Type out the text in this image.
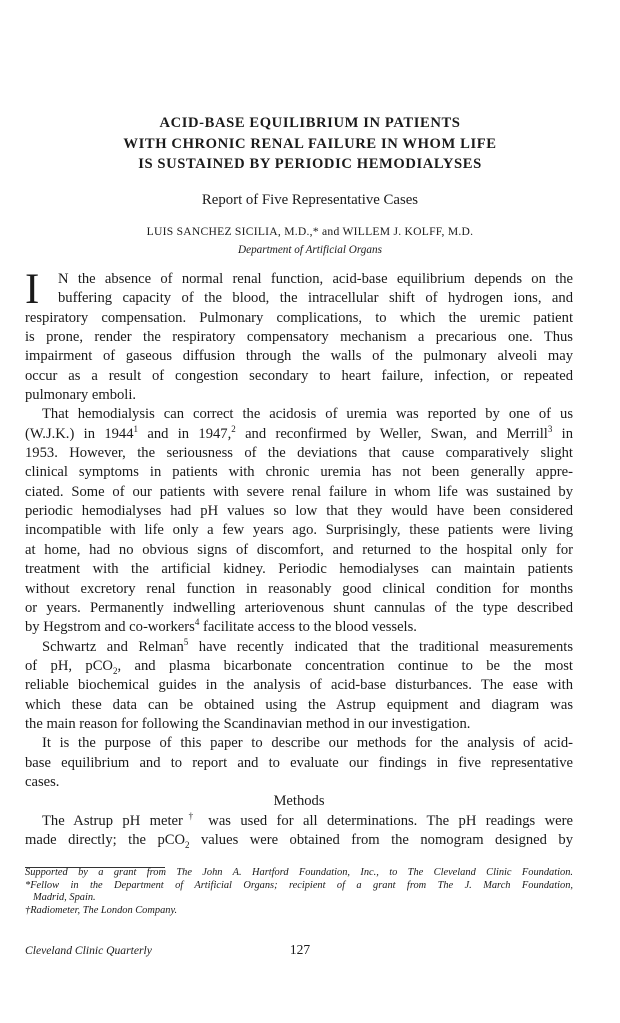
ACID-BASE EQUILIBRIUM IN PATIENTS
WITH CHRONIC RENAL FAILURE IN WHOM LIFE
IS SUSTAINED BY PERIODIC HEMODIALYSES
Report of Five Representative Cases
LUIS SANCHEZ SICILIA, M.D.,* and WILLEM J. KOLFF, M.D.
Department of Artificial Organs
I	N the absence of normal renal function, acid-base equilibrium depends on the
buffering capacity of the blood, the intracellular shift of hydrogen ions, and
respiratory compensation. Pulmonary complications, to which the uremic patient
is prone, render the respiratory compensatory mechanism a precarious one. Thus
impairment of gaseous diffusion through the walls of the pulmonary alveoli may
occur as a result of congestion secondary to heart failure, infection, or repeated
pulmonary emboli.
That hemodialysis can correct the acidosis of uremia was reported by one of us
(W.J.K.) in 1944$^1$ and in 1947,$^2$ and reconfirmed by Weller, Swan, and Merrill$^3$ in
1953. However, the seriousness of the deviations that cause comparatively slight
clinical symptoms in patients with chronic uremia has not been generally appre-
ciated. Some of our patients with severe renal failure in whom life was sustained by
periodic hemodialyses had pH values so low that they would have been considered
incompatible with life only a few years ago. Surprisingly, these patients were living
at home, had no obvious signs of discomfort, and returned to the hospital only for
treatment with the artificial kidney. Periodic hemodialyses can maintain patients
without excretory renal function in reasonably good clinical condition for months
or years. Permanently indwelling arteriovenous shunt cannulas of the type described
by Hegstrom and co-workers$^4$ facilitate access to the blood vessels.
Schwartz and Relman$^5$ have recently indicated that the traditional measurements
of pH, pCO$_2$, and plasma bicarbonate concentration continue to be the most
reliable biochemical guides in the analysis of acid-base disturbances. The ease with
which these data can be obtained using the Astrup equipment and diagram was
the main reason for following the Scandinavian method in our investigation.
It is the purpose of this paper to describe our methods for the analysis of acid-
base equilibrium and to report and to evaluate our findings in five representative
cases.
Methods
The Astrup pH meter† was used for all determinations. The pH readings were
made directly; the pCO$_2$ values were obtained from the nomogram designed by
Supported by a grant from The John A. Hartford Foundation, Inc., to The Cleveland Clinic Foundation.
*Fellow in the Department of Artificial Organs; recipient of a grant from The J. March Foundation,
Madrid, Spain.
†Radiometer, The London Company.
Cleveland Clinic Quarterly	127
